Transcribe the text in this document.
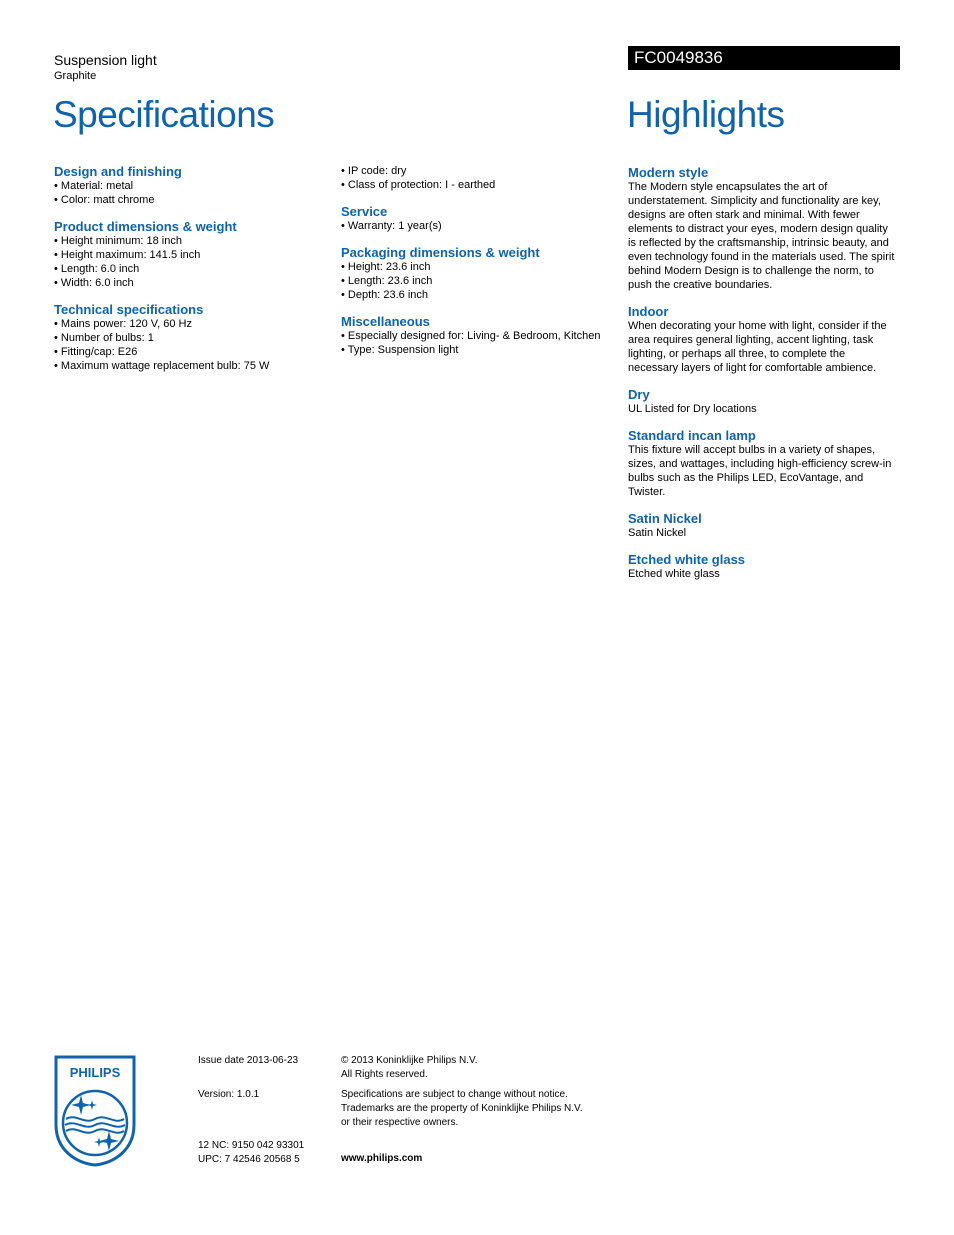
Suspension light
Graphite
FC0049836
Specifications	Highlights
Design and finishing
• Material: metal
• Color: matt chrome
Product dimensions & weight
• Height minimum: 18 inch
• Height maximum: 141.5 inch
• Length: 6.0 inch
• Width: 6.0 inch
Technical specifications
• Mains power: 120 V, 60 Hz
• Number of bulbs: 1
• Fitting/cap: E26
• Maximum wattage replacement bulb: 75 W
• IP code: dry
• Class of protection: I - earthed
Service
• Warranty: 1 year(s)
Packaging dimensions & weight
• Height: 23.6 inch
• Length: 23.6 inch
• Depth: 23.6 inch
Miscellaneous
• Especially designed for: Living- & Bedroom, Kitchen
• Type: Suspension light
Modern style
The Modern style encapsulates the art of
understatement. Simplicity and functionality are key,
designs are often stark and minimal. With fewer
elements to distract your eyes, modern design quality
is reflected by the craftsmanship, intrinsic beauty, and
even technology found in the materials used. The spirit
behind Modern Design is to challenge the norm, to
push the creative boundaries.
Indoor
When decorating your home with light, consider if the
area requires general lighting, accent lighting, task
lighting, or perhaps all three, to complete the
necessary layers of light for comfortable ambience.
Dry
UL Listed for Dry locations
Standard incan lamp
This fixture will accept bulbs in a variety of shapes,
sizes, and wattages, including high-efficiency screw-in
bulbs such as the Philips LED, EcoVantage, and
Twister.
Satin Nickel
Satin Nickel
Etched white glass
Etched white glass
PHILIPS
Issue date 2013-06-23
Version: 1.0.1
12 NC: 9150 042 93301
UPC: 7 42546 20568 5
© 2013 Koninklijke Philips N.V.
All Rights reserved.
Specifications are subject to change without notice.
Trademarks are the property of Koninklijke Philips N.V.
or their respective owners.
www.philips.com
